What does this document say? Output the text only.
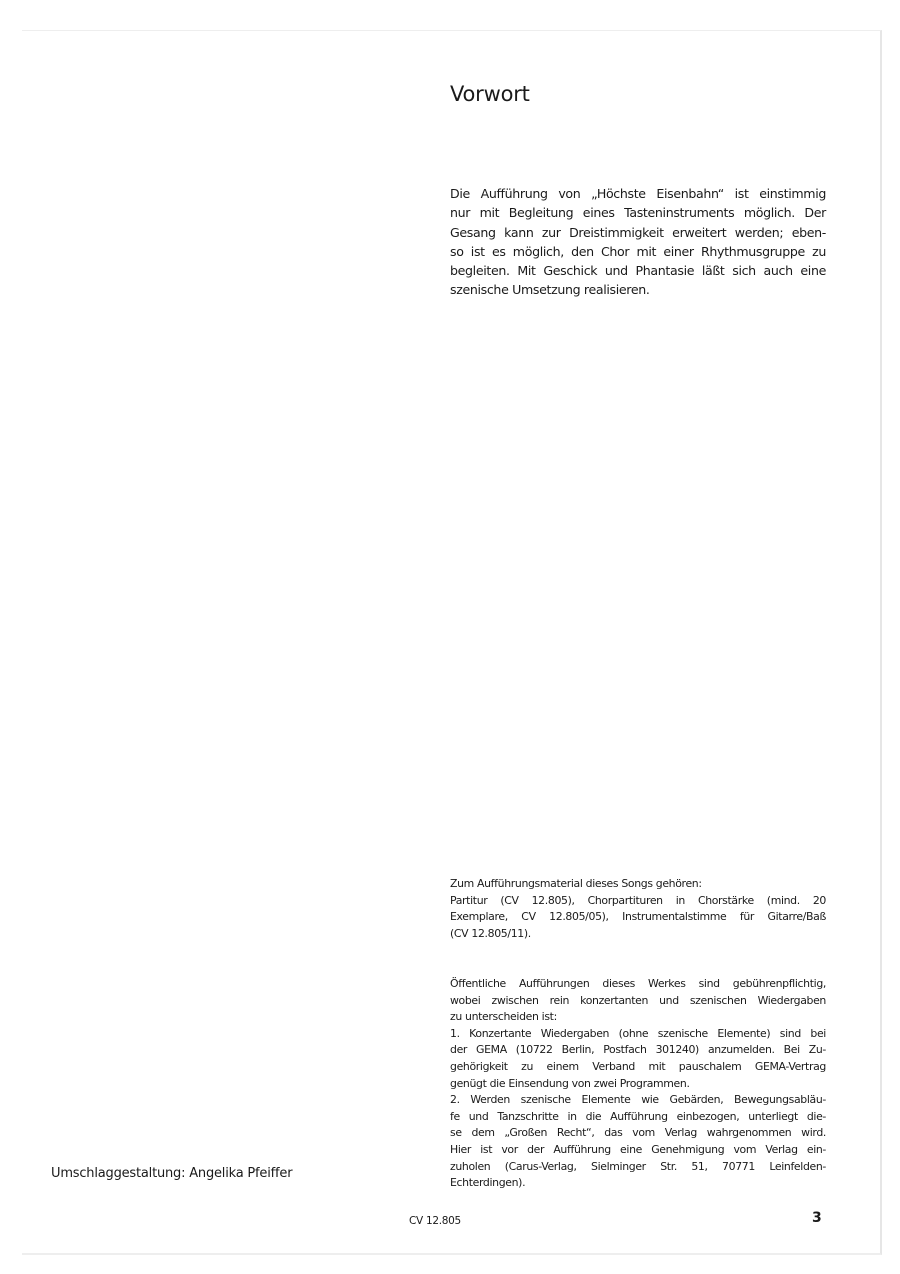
Vorwort
Die Aufführung von „Höchste Eisenbahn“ ist einstimmig
nur mit Begleitung eines Tasteninstruments möglich. Der
Gesang kann zur Dreistimmigkeit erweitert werden; eben-
so ist es möglich, den Chor mit einer Rhythmusgruppe zu
begleiten. Mit Geschick und Phantasie läßt sich auch eine
szenische Umsetzung realisieren.
Zum Aufführungsmaterial dieses Songs gehören:
Partitur (CV 12.805), Chorpartituren in Chorstärke (mind. 20
Exemplare, CV 12.805/05), Instrumentalstimme für Gitarre/Baß
(CV 12.805/11).
Öffentliche Aufführungen dieses Werkes sind gebührenpflichtig,
wobei zwischen rein konzertanten und szenischen Wiedergaben
zu unterscheiden ist:
1. Konzertante Wiedergaben (ohne szenische Elemente) sind bei
der GEMA (10722 Berlin, Postfach 301240) anzumelden. Bei Zu-
gehörigkeit zu einem Verband mit pauschalem GEMA-Vertrag
genügt die Einsendung von zwei Programmen.
2. Werden szenische Elemente wie Gebärden, Bewegungsabläu-
fe und Tanzschritte in die Aufführung einbezogen, unterliegt die-
se dem „Großen Recht“, das vom Verlag wahrgenommen wird.
Hier ist vor der Aufführung eine Genehmigung vom Verlag ein-
zuholen (Carus-Verlag, Sielminger Str. 51, 70771 Leinfelden-
Echterdingen).

Umschlaggestaltung: Angelika Pfeiffer

CV 12.805	3
